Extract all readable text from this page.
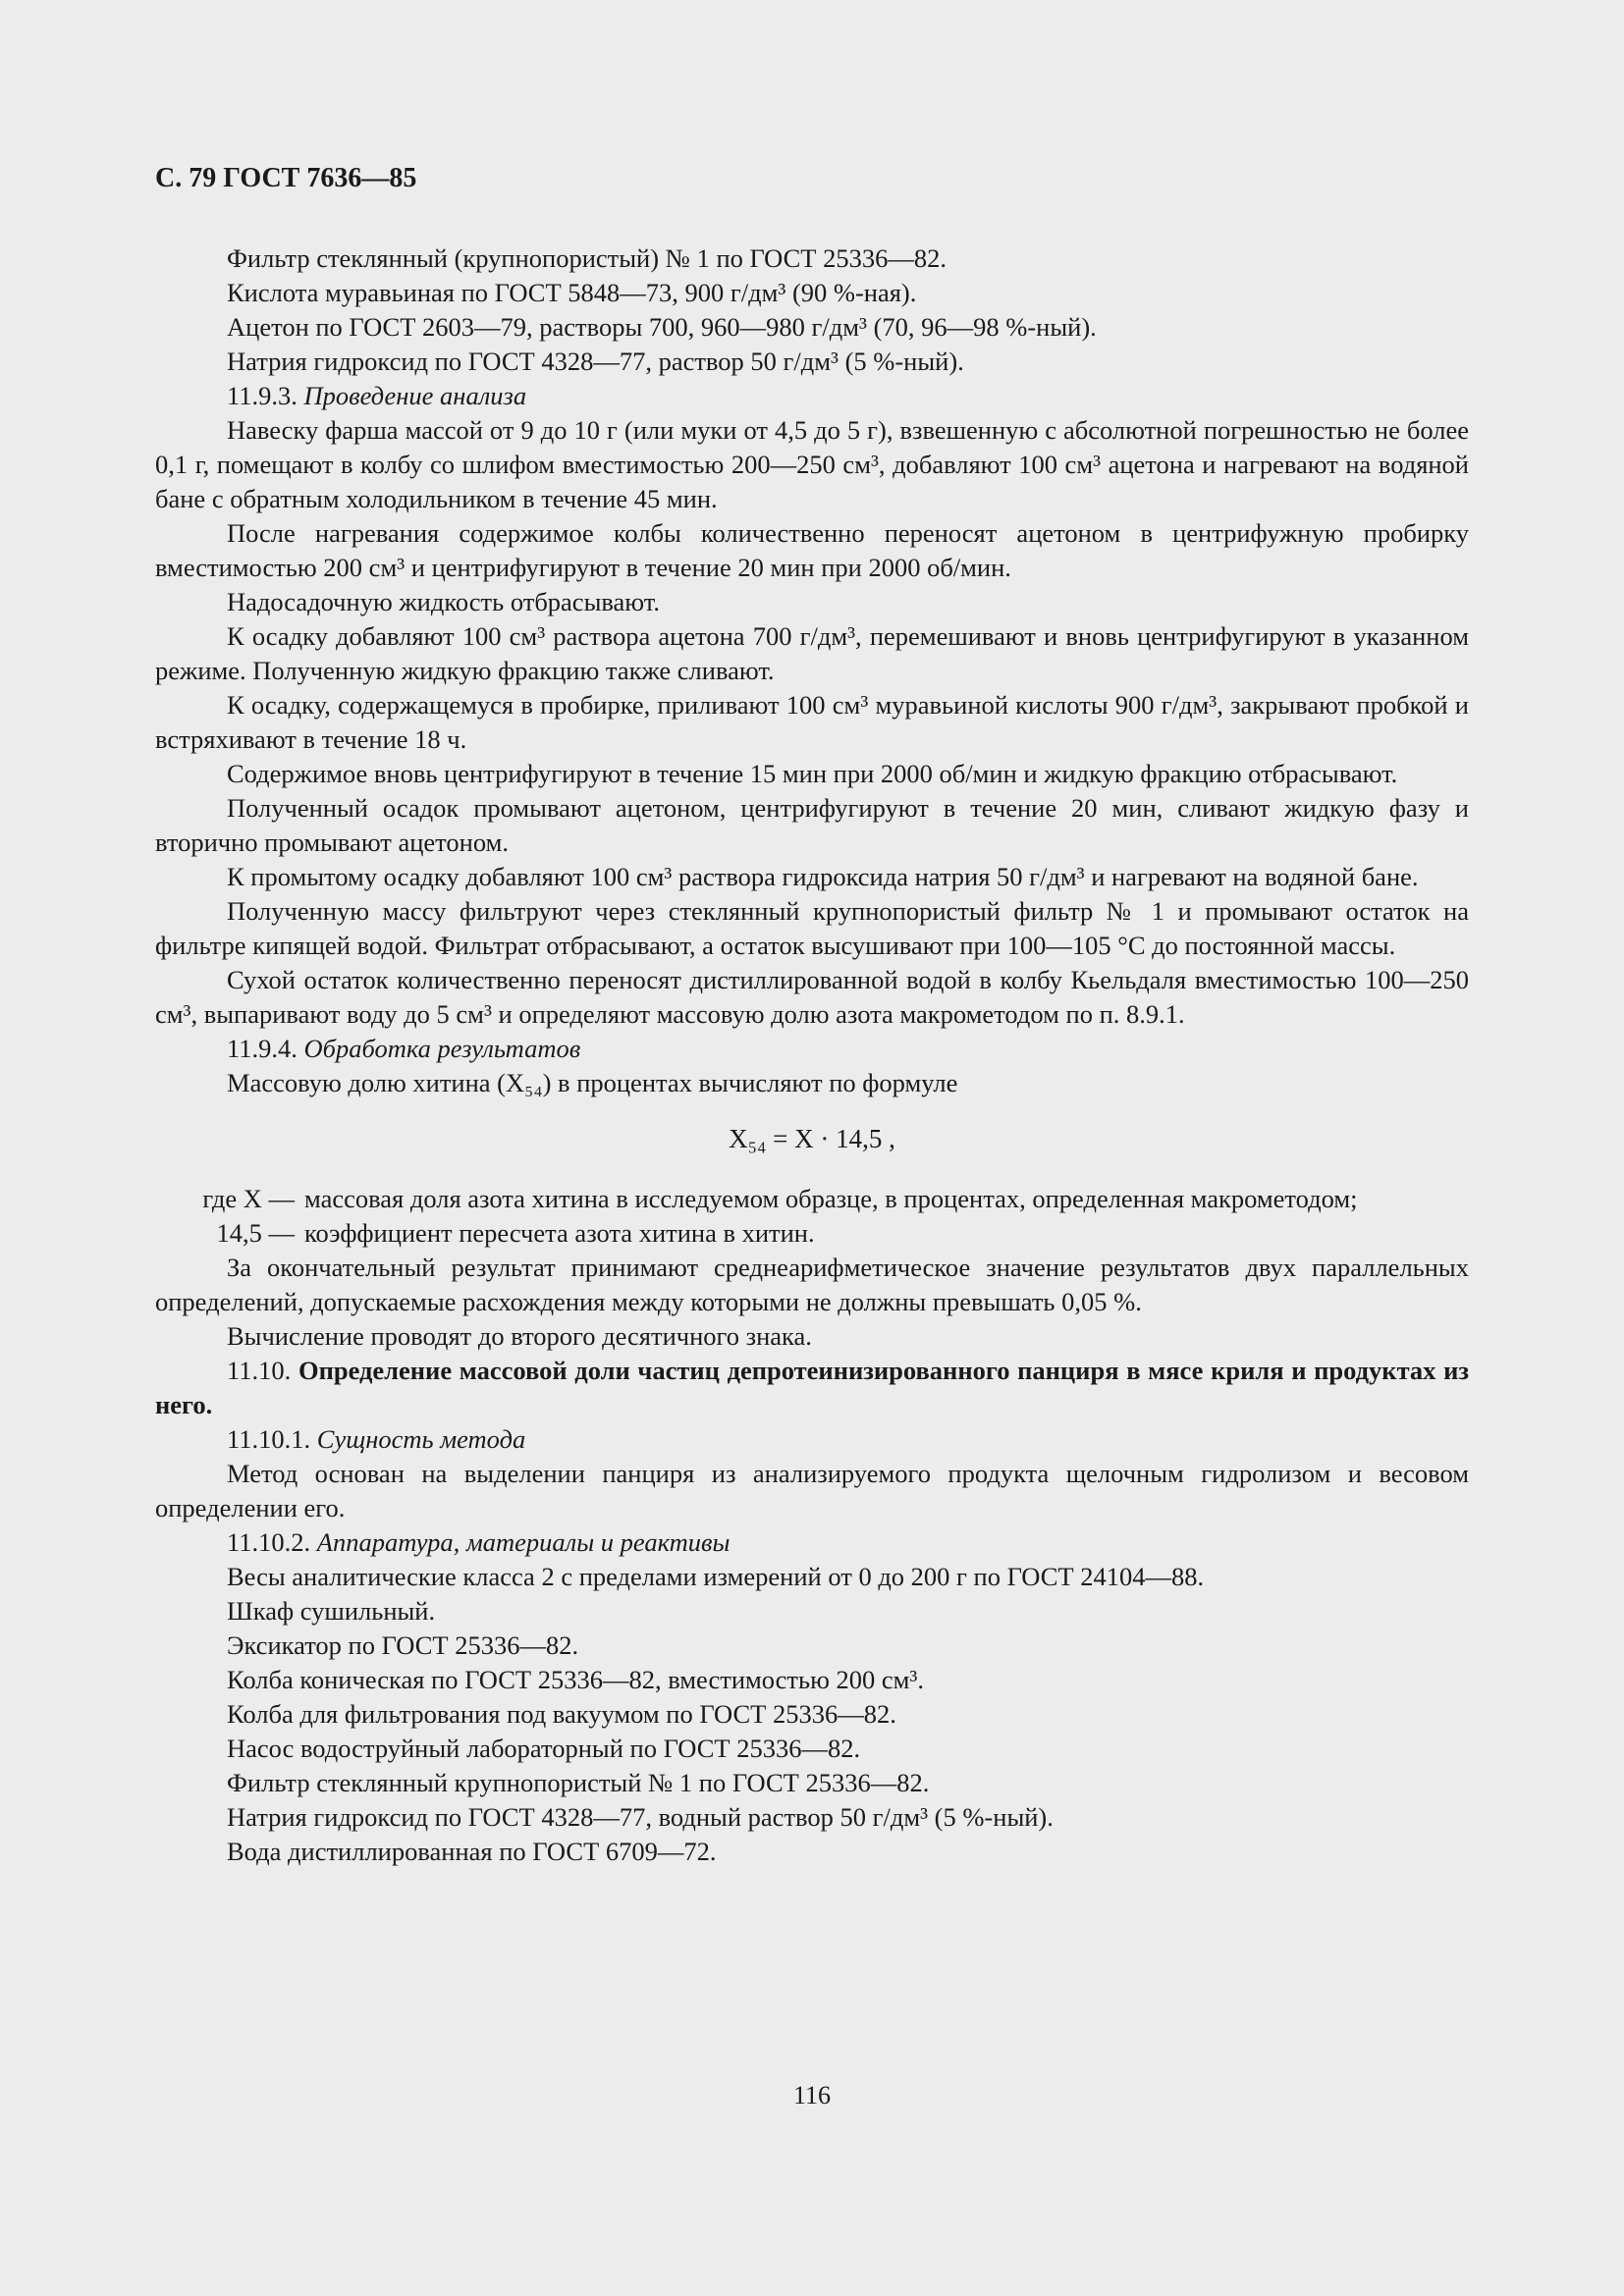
С. 79 ГОСТ 7636—85

Фильтр стеклянный (крупнопористый) № 1 по ГОСТ 25336—82.

Кислота муравьиная по ГОСТ 5848—73, 900 г/дм³ (90 %-ная).

Ацетон по ГОСТ 2603—79, растворы 700, 960—980 г/дм³ (70, 96—98 %-ный).

Натрия гидроксид по ГОСТ 4328—77, раствор 50 г/дм³ (5 %-ный).

11.9.3. Проведение анализа

Навеску фарша массой от 9 до 10 г (или муки от 4,5 до 5 г), взвешенную с абсолютной погрешностью не более 0,1 г, помещают в колбу со шлифом вместимостью 200—250 см³, добавляют 100 см³ ацетона и нагревают на водяной бане с обратным холодильником в течение 45 мин.

После нагревания содержимое колбы количественно переносят ацетоном в центрифужную пробирку вместимостью 200 см³ и центрифугируют в течение 20 мин при 2000 об/мин.

Надосадочную жидкость отбрасывают.

К осадку добавляют 100 см³ раствора ацетона 700 г/дм³, перемешивают и вновь центрифугируют в указанном режиме. Полученную жидкую фракцию также сливают.

К осадку, содержащемуся в пробирке, приливают 100 см³ муравьиной кислоты 900 г/дм³, закрывают пробкой и встряхивают в течение 18 ч.

Содержимое вновь центрифугируют в течение 15 мин при 2000 об/мин и жидкую фракцию отбрасывают.

Полученный осадок промывают ацетоном, центрифугируют в течение 20 мин, сливают жидкую фазу и вторично промывают ацетоном.

К промытому осадку добавляют 100 см³ раствора гидроксида натрия 50 г/дм³ и нагревают на водяной бане.

Полученную массу фильтруют через стеклянный крупнопористый фильтр № 1 и промывают остаток на фильтре кипящей водой. Фильтрат отбрасывают, а остаток высушивают при 100—105 °С до постоянной массы.

Сухой остаток количественно переносят дистиллированной водой в колбу Кьельдаля вместимостью 100—250 см³, выпаривают воду до 5 см³ и определяют массовую долю азота макрометодом по п. 8.9.1.

11.9.4. Обработка результатов

Массовую долю хитина (X₅₄) в процентах вычисляют по формуле

X₅₄ = X · 14,5 ,
где X — массовая доля азота хитина в исследуемом образце, в процентах, определенная макрометодом;
14,5 — коэффициент пересчета азота хитина в хитин.

За окончательный результат принимают среднеарифметическое значение результатов двух параллельных определений, допускаемые расхождения между которыми не должны превышать 0,05 %.

Вычисление проводят до второго десятичного знака.

11.10. Определение массовой доли частиц депротеинизированного панциря в мясе криля и продуктах из него.

11.10.1. Сущность метода

Метод основан на выделении панциря из анализируемого продукта щелочным гидролизом и весовом определении его.

11.10.2. Аппаратура, материалы и реактивы

Весы аналитические класса 2 с пределами измерений от 0 до 200 г по ГОСТ 24104—88.

Шкаф сушильный.

Эксикатор по ГОСТ 25336—82.

Колба коническая по ГОСТ 25336—82, вместимостью 200 см³.

Колба для фильтрования под вакуумом по ГОСТ 25336—82.

Насос водоструйный лабораторный по ГОСТ 25336—82.

Фильтр стеклянный крупнопористый № 1 по ГОСТ 25336—82.

Натрия гидроксид по ГОСТ 4328—77, водный раствор 50 г/дм³ (5 %-ный).

Вода дистиллированная по ГОСТ 6709—72.

116
